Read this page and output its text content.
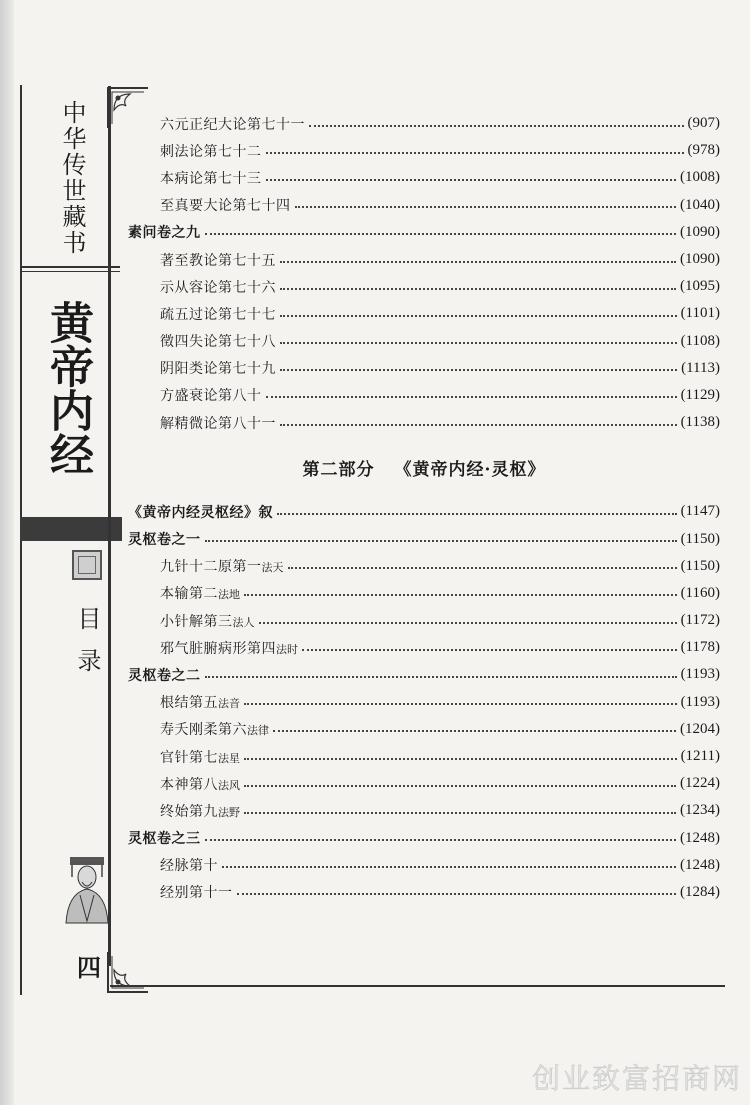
中华传世藏书
黄帝内经
目录
四
六元正纪大论第七十一	(907)
刺法论第七十二	(978)
本病论第七十三	(1008)
至真要大论第七十四	(1040)
素问卷之九	(1090)
著至教论第七十五	(1090)
示从容论第七十六	(1095)
疏五过论第七十七	(1101)
徵四失论第七十八	(1108)
阴阳类论第七十九	(1113)
方盛衰论第八十	(1129)
解精微论第八十一	(1138)
第二部分 《黄帝内经·灵枢》
《黄帝内经灵枢经》叙	(1147)
灵枢卷之一	(1150)
九针十二原第一法天	(1150)
本输第二法地	(1160)
小针解第三法人	(1172)
邪气脏腑病形第四法时	(1178)
灵枢卷之二	(1193)
根结第五法音	(1193)
寿夭刚柔第六法律	(1204)
官针第七法星	(1211)
本神第八法风	(1224)
终始第九法野	(1234)
灵枢卷之三	(1248)
经脉第十	(1248)
经别第十一	(1284)
创业致富招商网
